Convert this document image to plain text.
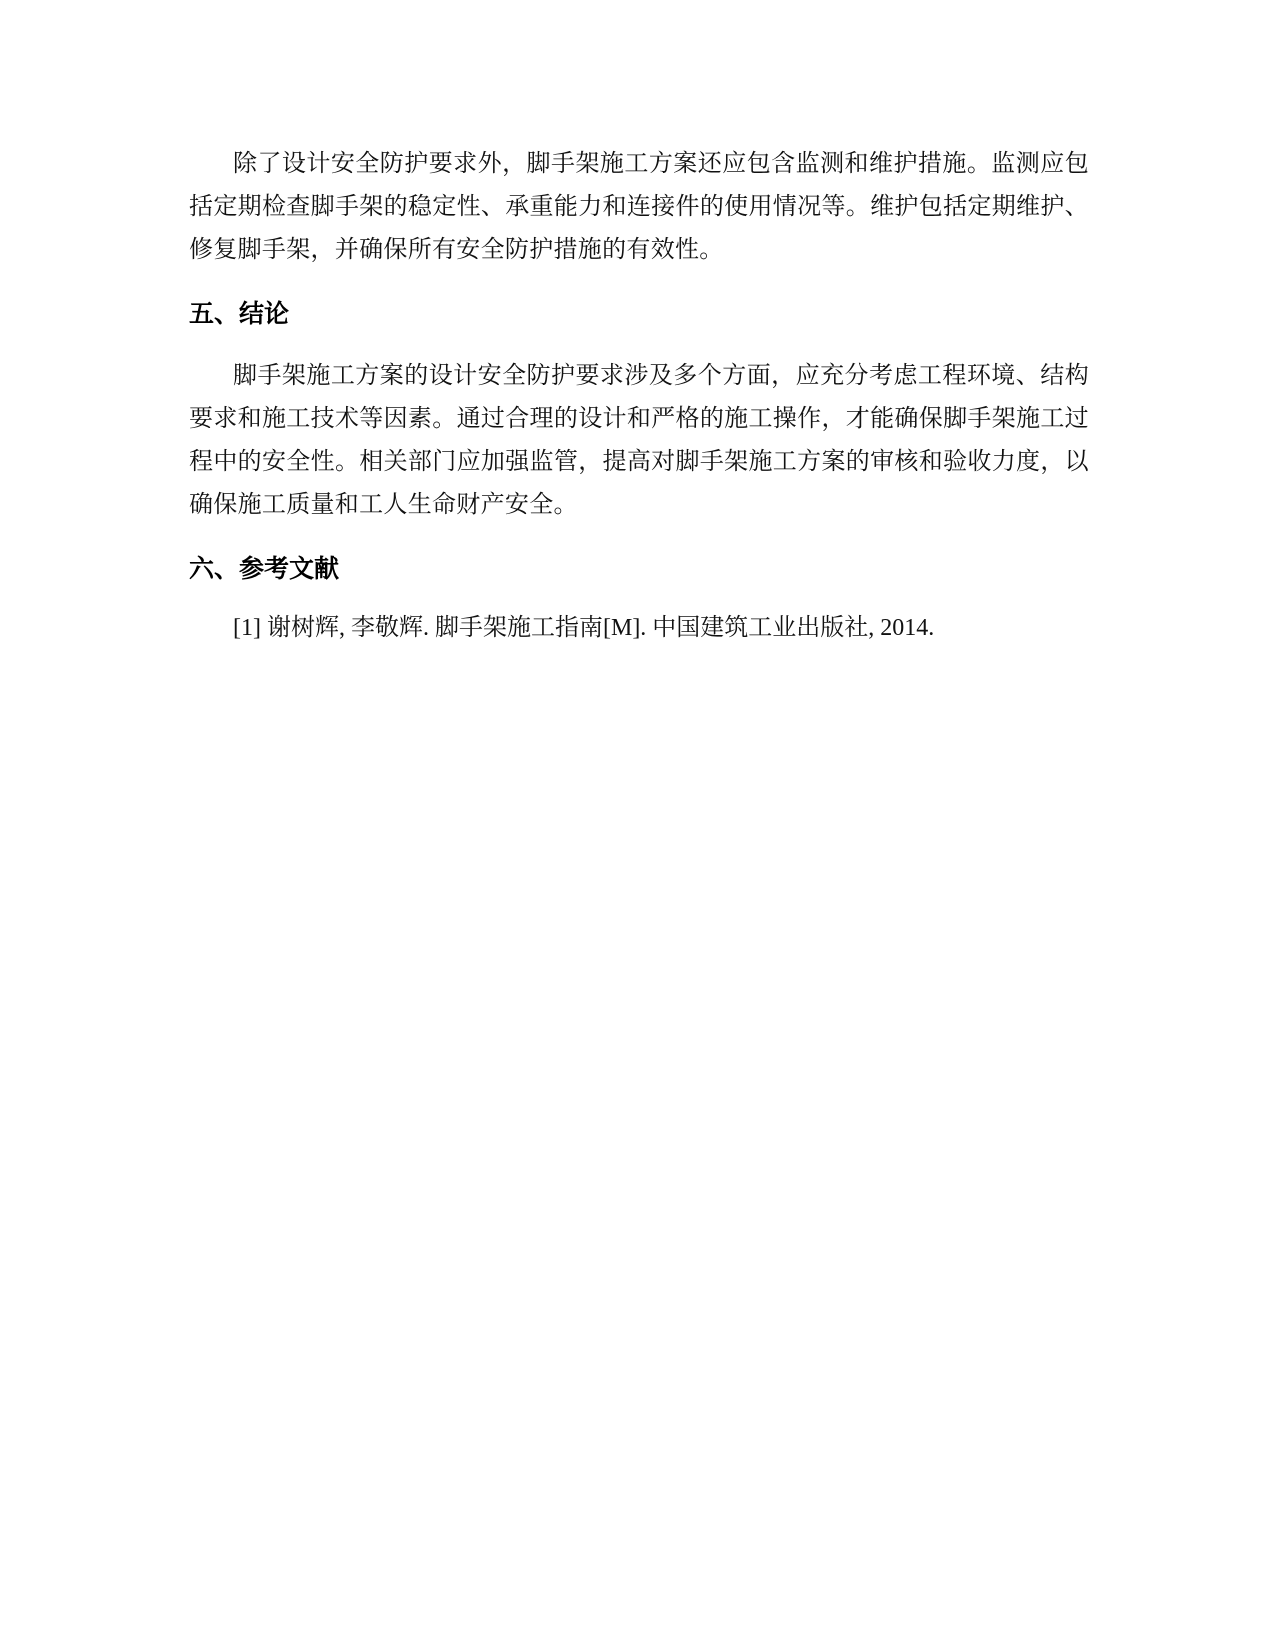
除了设计安全防护要求外，脚手架施工方案还应包含监测和维护措施。监测应包括定期检查脚手架的稳定性、承重能力和连接件的使用情况等。维护包括定期维护、修复脚手架，并确保所有安全防护措施的有效性。

五、结论

脚手架施工方案的设计安全防护要求涉及多个方面，应充分考虑工程环境、结构要求和施工技术等因素。通过合理的设计和严格的施工操作，才能确保脚手架施工过程中的安全性。相关部门应加强监管，提高对脚手架施工方案的审核和验收力度，以确保施工质量和工人生命财产安全。

六、参考文献

[1] 谢树辉, 李敬辉. 脚手架施工指南[M]. 中国建筑工业出版社, 2014.
